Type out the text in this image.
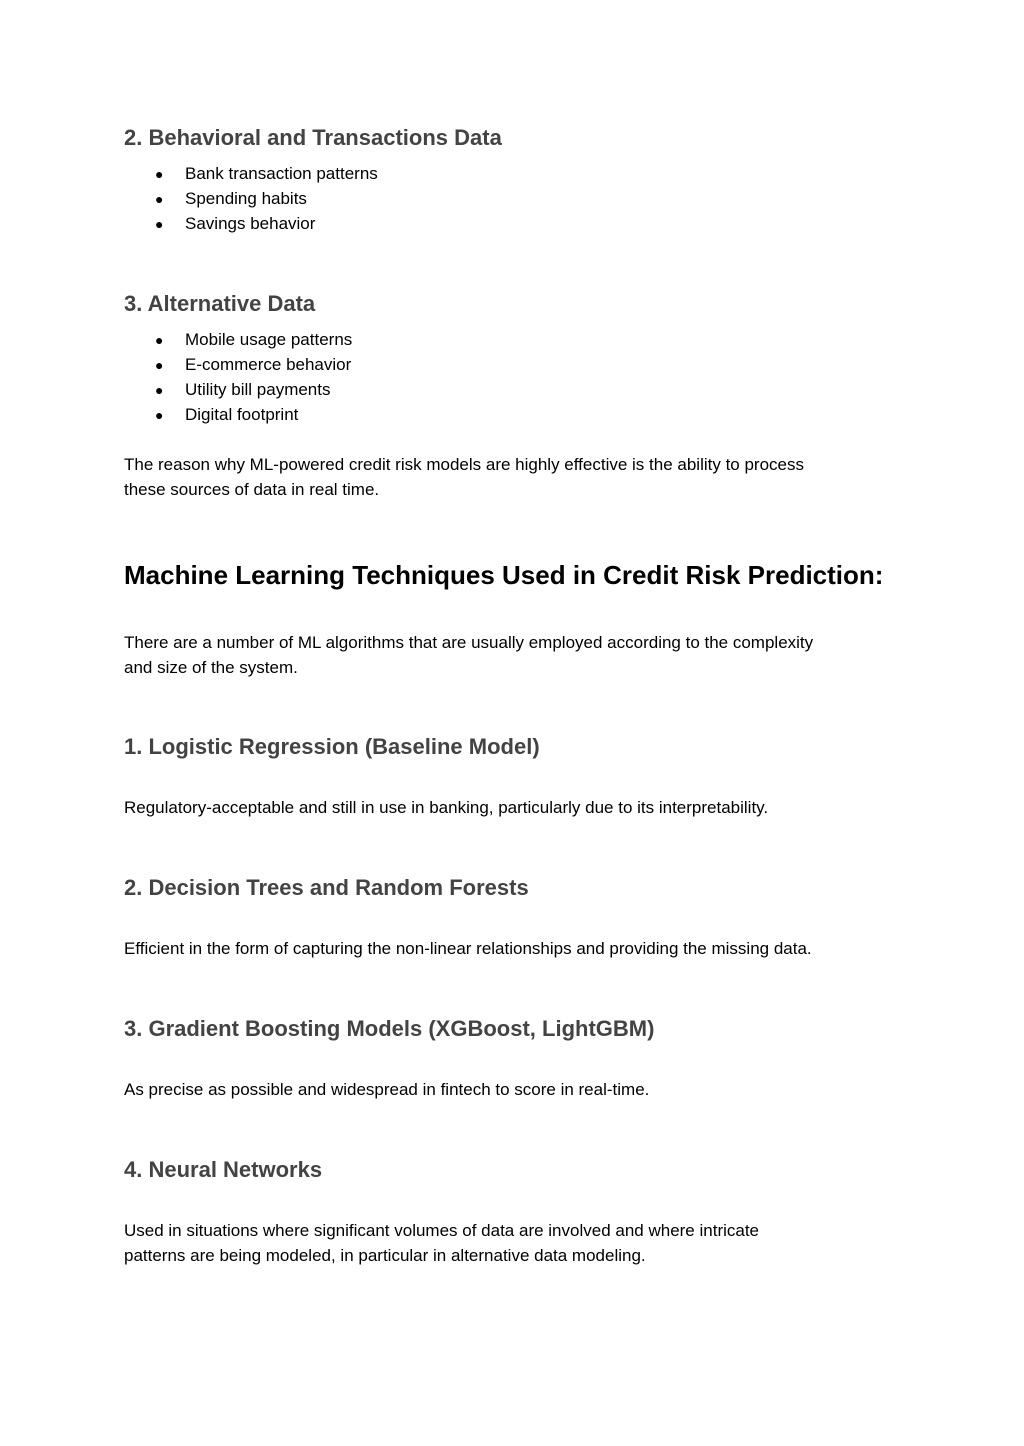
2. Behavioral and Transactions Data
● Bank transaction patterns
● Spending habits
● Savings behavior
3. Alternative Data
● Mobile usage patterns
● E-commerce behavior
● Utility bill payments
● Digital footprint

The reason why ML-powered credit risk models are highly effective is the ability to process

these sources of data in real time.

Machine Learning Techniques Used in Credit Risk Prediction:

There are a number of ML algorithms that are usually employed according to the complexity

and size of the system.

1. Logistic Regression (Baseline Model)

Regulatory-acceptable and still in use in banking, particularly due to its interpretability.

2. Decision Trees and Random Forests

Efficient in the form of capturing the non-linear relationships and providing the missing data.

3. Gradient Boosting Models (XGBoost, LightGBM)

As precise as possible and widespread in fintech to score in real-time.

4. Neural Networks

Used in situations where significant volumes of data are involved and where intricate

patterns are being modeled, in particular in alternative data modeling.
